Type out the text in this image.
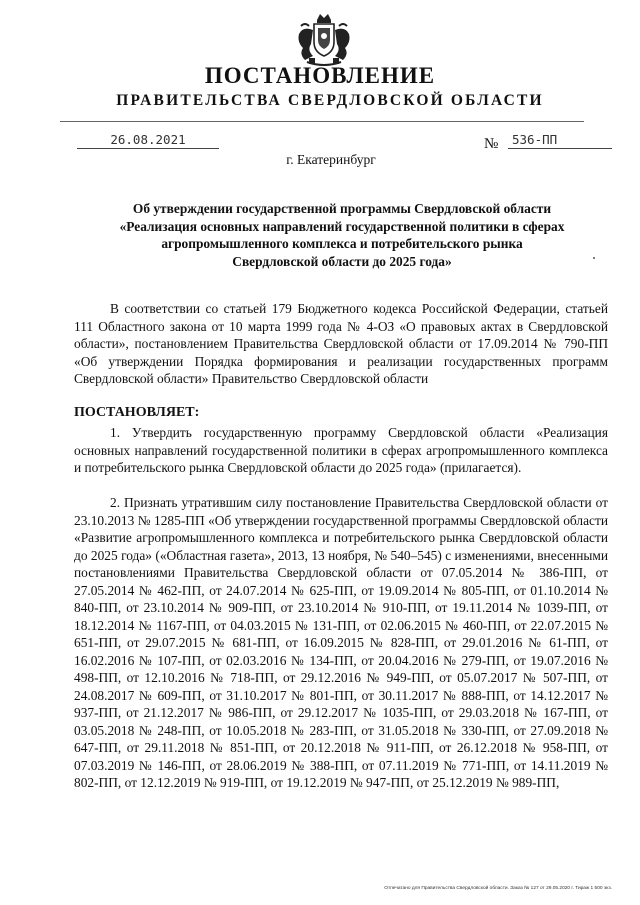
ПОСТАНОВЛЕНИЕ
ПРАВИТЕЛЬСТВА СВЕРДЛОВСКОЙ ОБЛАСТИ
26.08.2021	№	536-ПП
г. Екатеринбург
Об утверждении государственной программы Свердловской области
«Реализация основных направлений государственной политики в сферах
агропромышленного комплекса и потребительского рынка
Свердловской области до 2025 года»

В соответствии со статьей 179 Бюджетного кодекса Российской Федерации, статьей 111 Областного закона от 10 марта 1999 года № 4-ОЗ «О правовых актах в Свердловской области», постановлением Правительства Свердловской области от 17.09.2014 № 790-ПП «Об утверждении Порядка формирования и реализации государственных программ Свердловской области» Правительство Свердловской области

ПОСТАНОВЛЯЕТ:

1. Утвердить государственную программу Свердловской области «Реализация основных направлений государственной политики в сферах агропромышленного комплекса и потребительского рынка Свердловской области до 2025 года» (прилагается).

2. Признать утратившим силу постановление Правительства Свердловской области от 23.10.2013 № 1285-ПП «Об утверждении государственной программы Свердловской области «Развитие агропромышленного комплекса и потребительского рынка Свердловской области до 2025 года» («Областная газета», 2013, 13 ноября, № 540–545) с изменениями, внесенными постановлениями Правительства Свердловской области от 07.05.2014 № 386-ПП, от 27.05.2014 № 462-ПП, от 24.07.2014 № 625-ПП, от 19.09.2014 № 805-ПП, от 01.10.2014 № 840-ПП, от 23.10.2014 № 909-ПП, от 23.10.2014 № 910-ПП, от 19.11.2014 № 1039-ПП, от 18.12.2014 № 1167-ПП, от 04.03.2015 № 131-ПП, от 02.06.2015 № 460-ПП, от 22.07.2015 № 651-ПП, от 29.07.2015 № 681-ПП, от 16.09.2015 № 828-ПП, от 29.01.2016 № 61-ПП, от 16.02.2016 № 107-ПП, от 02.03.2016 № 134-ПП, от 20.04.2016 № 279-ПП, от 19.07.2016 № 498-ПП, от 12.10.2016 № 718-ПП, от 29.12.2016 № 949-ПП, от 05.07.2017 № 507-ПП, от 24.08.2017 № 609-ПП, от 31.10.2017 № 801-ПП, от 30.11.2017 № 888-ПП, от 14.12.2017 № 937-ПП, от 21.12.2017 № 986-ПП, от 29.12.2017 № 1035-ПП, от 29.03.2018 № 167-ПП, от 03.05.2018 № 248-ПП, от 10.05.2018 № 283-ПП, от 31.05.2018 № 330-ПП, от 27.09.2018 № 647-ПП, от 29.11.2018 № 851-ПП, от 20.12.2018 № 911-ПП, от 26.12.2018 № 958-ПП, от 07.03.2019 № 146-ПП, от 28.06.2019 № 388-ПП, от 07.11.2019 № 771-ПП, от 14.11.2019 № 802-ПП, от 12.12.2019 № 919-ПП, от 19.12.2019 № 947-ПП, от 25.12.2019 № 989-ПП,

Отпечатано для Правительства Свердловской области. Заказ № 127 от 29.05.2020 г. Тираж 1 500 экз.
